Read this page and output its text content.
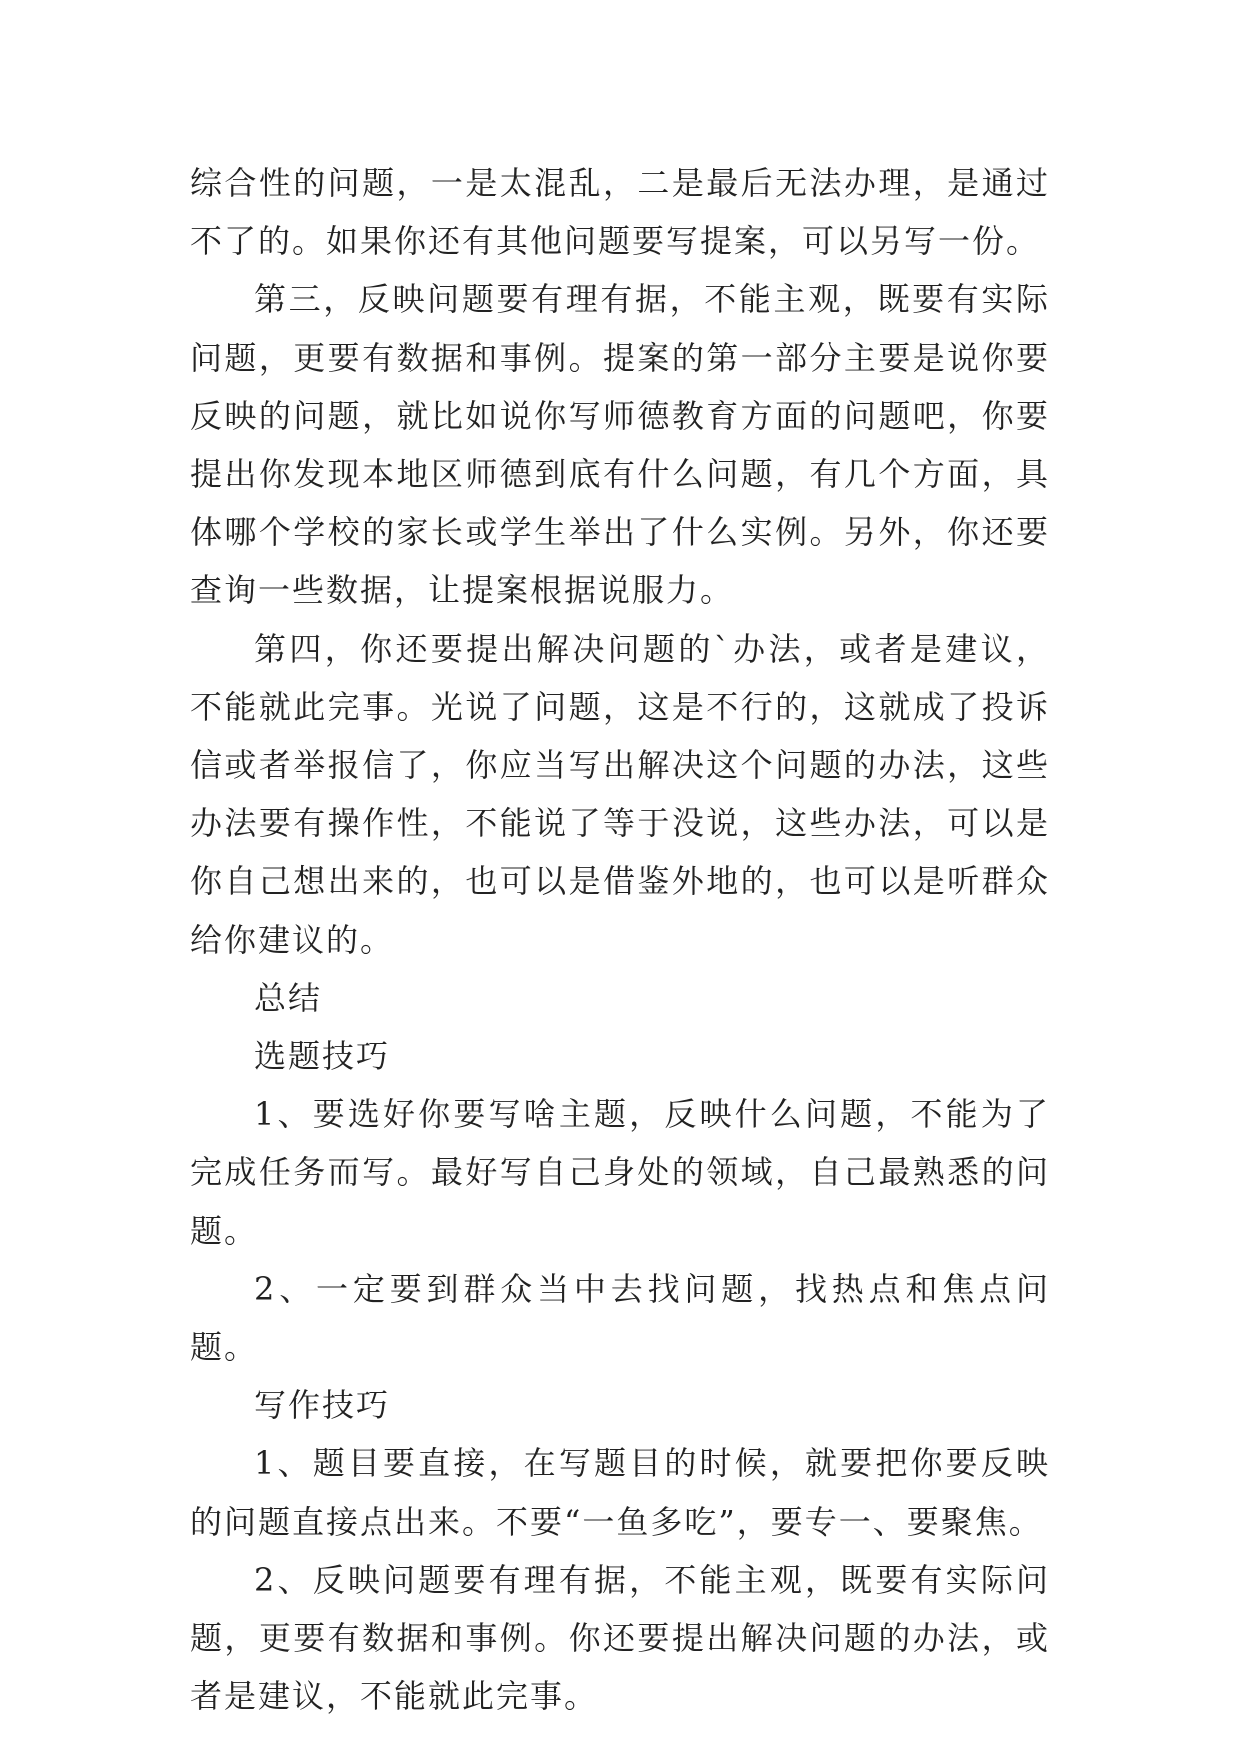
综合性的问题，一是太混乱，二是最后无法办理，是通过不了的。如果你还有其他问题要写提案，可以另写一份。

第三，反映问题要有理有据，不能主观，既要有实际问题，更要有数据和事例。提案的第一部分主要是说你要反映的问题，就比如说你写师德教育方面的问题吧，你要提出你发现本地区师德到底有什么问题，有几个方面，具体哪个学校的家长或学生举出了什么实例。另外，你还要查询一些数据，让提案根据说服力。

第四，你还要提出解决问题的`办法，或者是建议，不能就此完事。光说了问题，这是不行的，这就成了投诉信或者举报信了，你应当写出解决这个问题的办法，这些办法要有操作性，不能说了等于没说，这些办法，可以是你自己想出来的，也可以是借鉴外地的，也可以是听群众给你建议的。

总结

选题技巧

1、要选好你要写啥主题，反映什么问题，不能为了完成任务而写。最好写自己身处的领域，自己最熟悉的问题。

2、一定要到群众当中去找问题，找热点和焦点问题。

写作技巧

1、题目要直接，在写题目的时候，就要把你要反映的问题直接点出来。不要“一鱼多吃”，要专一、要聚焦。

2、反映问题要有理有据，不能主观，既要有实际问题，更要有数据和事例。你还要提出解决问题的办法，或者是建议，不能就此完事。
